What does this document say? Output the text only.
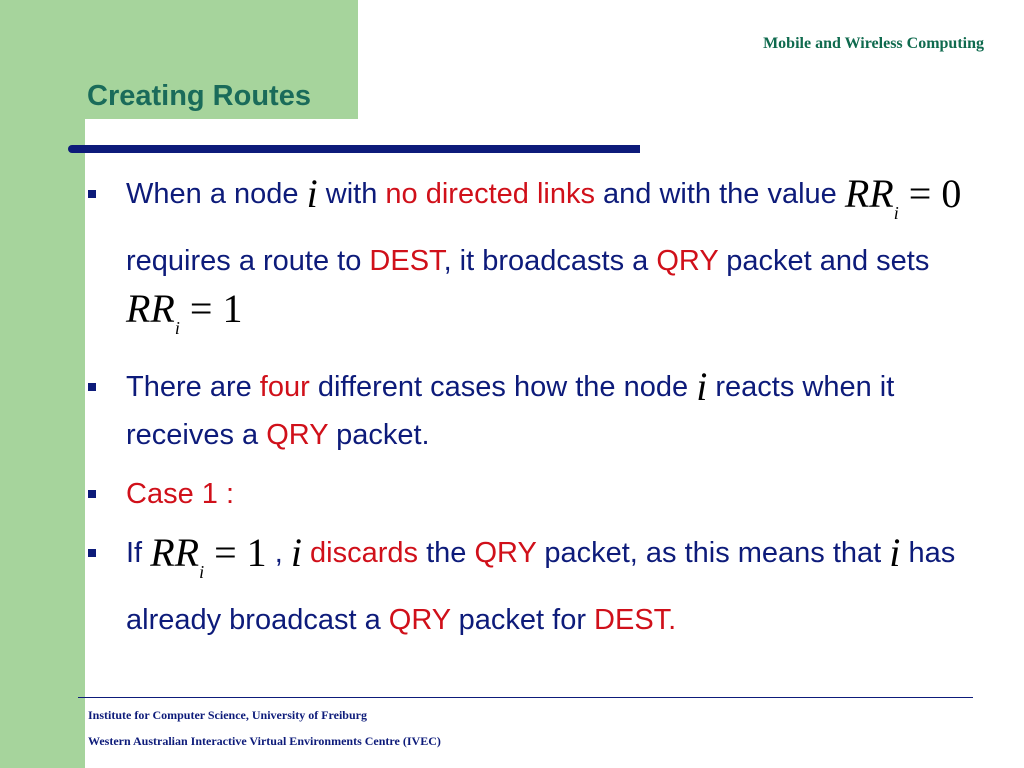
Creating Routes
Mobile and Wireless Computing
When a node i with no directed links and with the value $RR_i = 0$ requires a route to DEST, it broadcasts a QRY packet and sets $RR_i = 1$
There are four different cases how the node i reacts when it receives a QRY packet.
Case 1 :
If $RR_i = 1$ , i discards the QRY packet, as this means that i has already broadcast a QRY packet for DEST.
Institute for Computer Science, University of Freiburg
Western Australian Interactive Virtual Environments Centre (IVEC)
